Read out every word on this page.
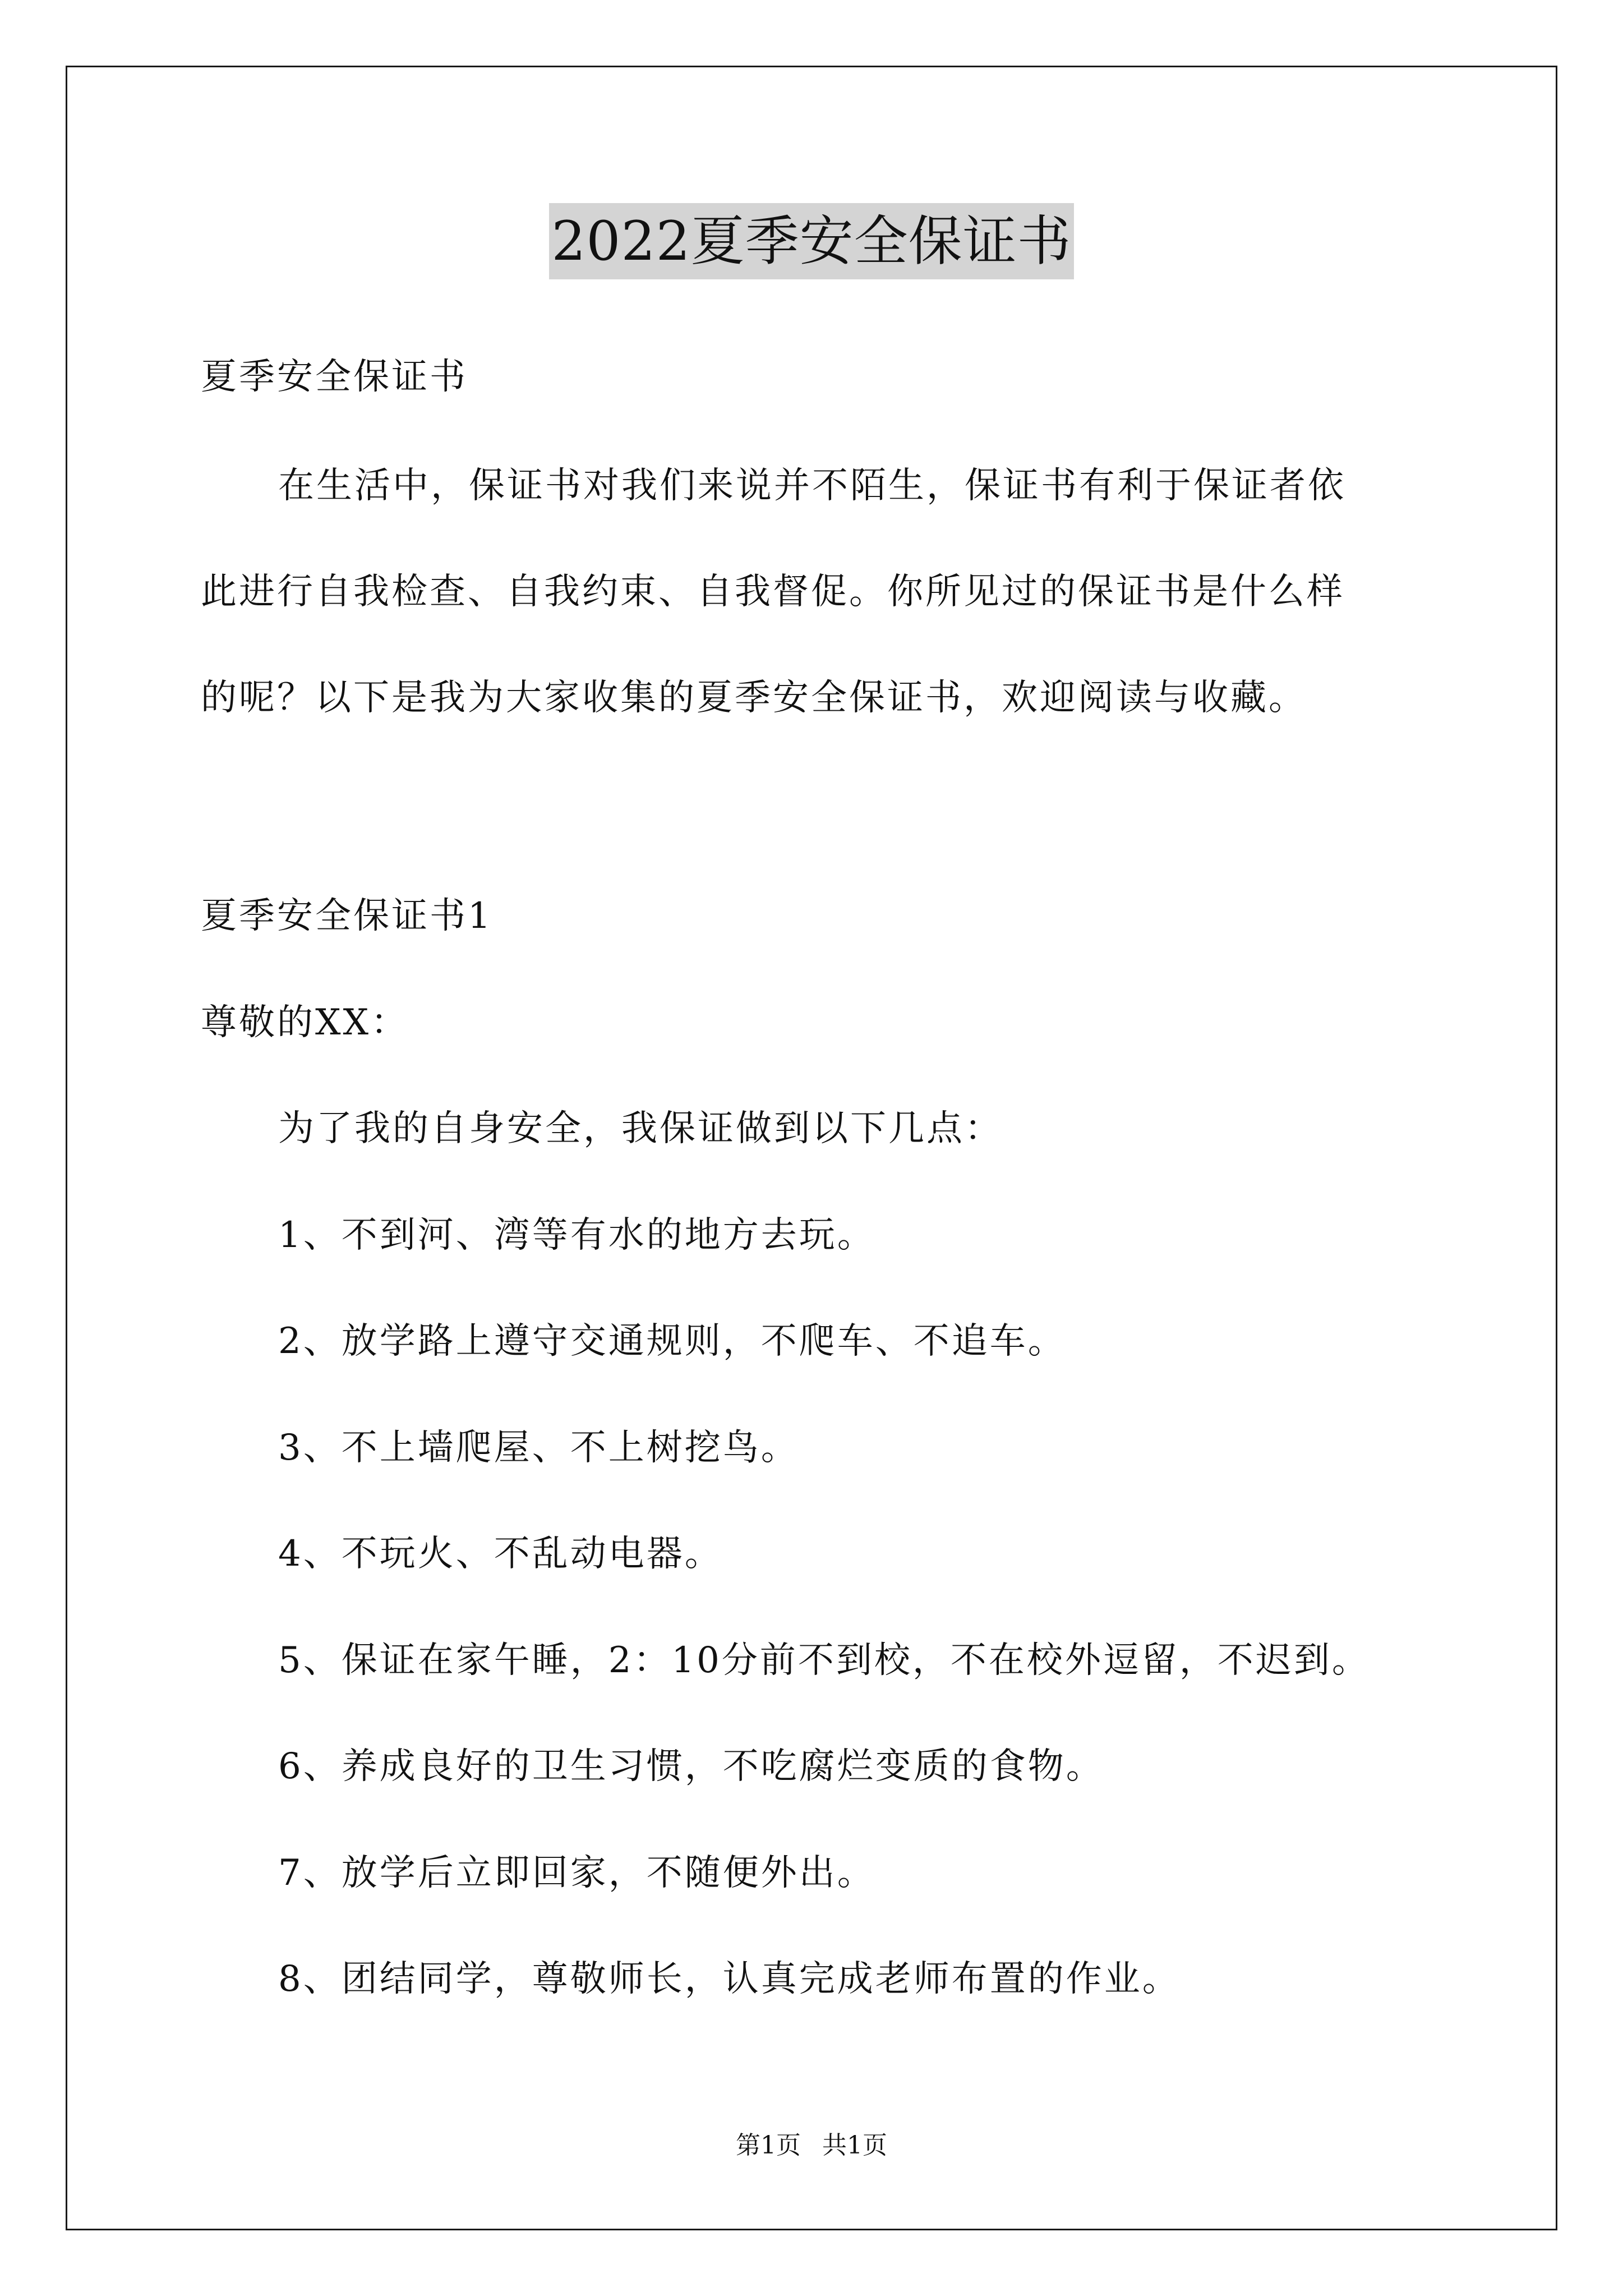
2022夏季安全保证书
夏季安全保证书
在生活中，保证书对我们来说并不陌生，保证书有利于保证者依
此进行自我检查、自我约束、自我督促。你所见过的保证书是什么样
的呢？以下是我为大家收集的夏季安全保证书，欢迎阅读与收藏。
夏季安全保证书1
尊敬的XX：
为了我的自身安全，我保证做到以下几点：
1、不到河、湾等有水的地方去玩。
2、放学路上遵守交通规则，不爬车、不追车。
3、不上墙爬屋、不上树挖鸟。
4、不玩火、不乱动电器。
5、保证在家午睡，2：10分前不到校，不在校外逗留，不迟到。
6、养成良好的卫生习惯，不吃腐烂变质的食物。
7、放学后立即回家，不随便外出。
8、团结同学，尊敬师长，认真完成老师布置的作业。
第1页 共1页
